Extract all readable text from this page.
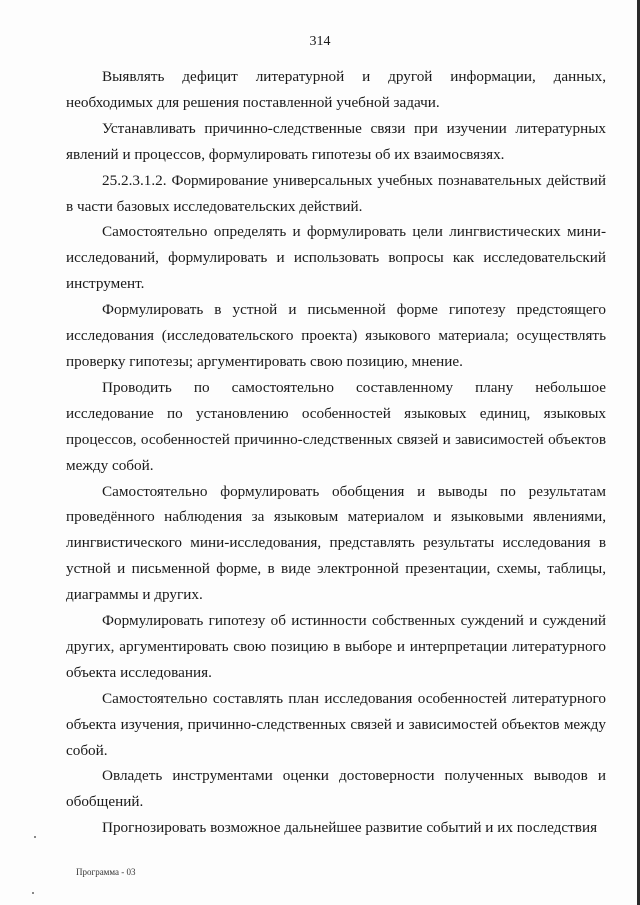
314

Выявлять дефицит литературной и другой информации, данных, необходимых для решения поставленной учебной задачи.

Устанавливать причинно-следственные связи при изучении литературных явлений и процессов, формулировать гипотезы об их взаимосвязях.

25.2.3.1.2. Формирование универсальных учебных познавательных действий в части базовых исследовательских действий.

Самостоятельно определять и формулировать цели лингвистических мини-исследований, формулировать и использовать вопросы как исследовательский инструмент.

Формулировать в устной и письменной форме гипотезу предстоящего исследования (исследовательского проекта) языкового материала; осуществлять проверку гипотезы; аргументировать свою позицию, мнение.

Проводить по самостоятельно составленному плану небольшое исследование по установлению особенностей языковых единиц, языковых процессов, особенностей причинно-следственных связей и зависимостей объектов между собой.

Самостоятельно формулировать обобщения и выводы по результатам проведённого наблюдения за языковым материалом и языковыми явлениями, лингвистического мини-исследования, представлять результаты исследования в устной и письменной форме, в виде электронной презентации, схемы, таблицы, диаграммы и других.

Формулировать гипотезу об истинности собственных суждений и суждений других, аргументировать свою позицию в выборе и интерпретации литературного объекта исследования.

Самостоятельно составлять план исследования особенностей литературного объекта изучения, причинно-следственных связей и зависимостей объектов между собой.

Овладеть инструментами оценки достоверности полученных выводов и обобщений.

Прогнозировать возможное дальнейшее развитие событий и их последствия

Программа - 03
